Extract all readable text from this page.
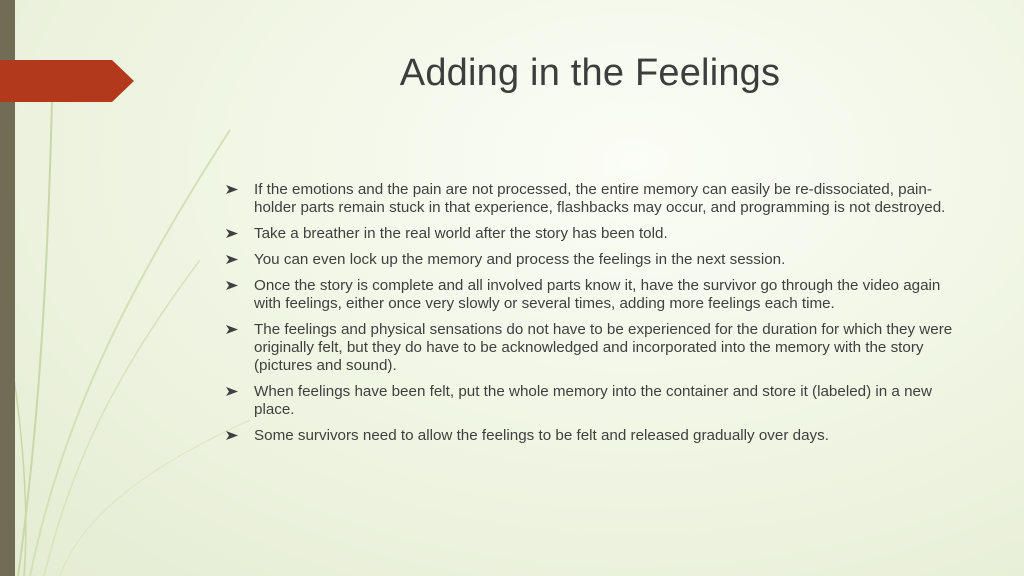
Adding in the Feelings
If the emotions and the pain are not processed, the entire memory can easily be re-dissociated, pain-holder parts remain stuck in that experience, flashbacks may occur, and programming is not destroyed.
Take a breather in the real world after the story has been told.
You can even lock up the memory and process the feelings in the next session.
Once the story is complete and all involved parts know it, have the survivor go through the video again with feelings, either once very slowly or several times, adding more feelings each time.
The feelings and physical sensations do not have to be experienced for the duration for which they were originally felt, but they do have to be acknowledged and incorporated into the memory with the story (pictures and sound).
When feelings have been felt, put the whole memory into the container and store it (labeled) in a new place.
Some survivors need to allow the feelings to be felt and released gradually over days.
